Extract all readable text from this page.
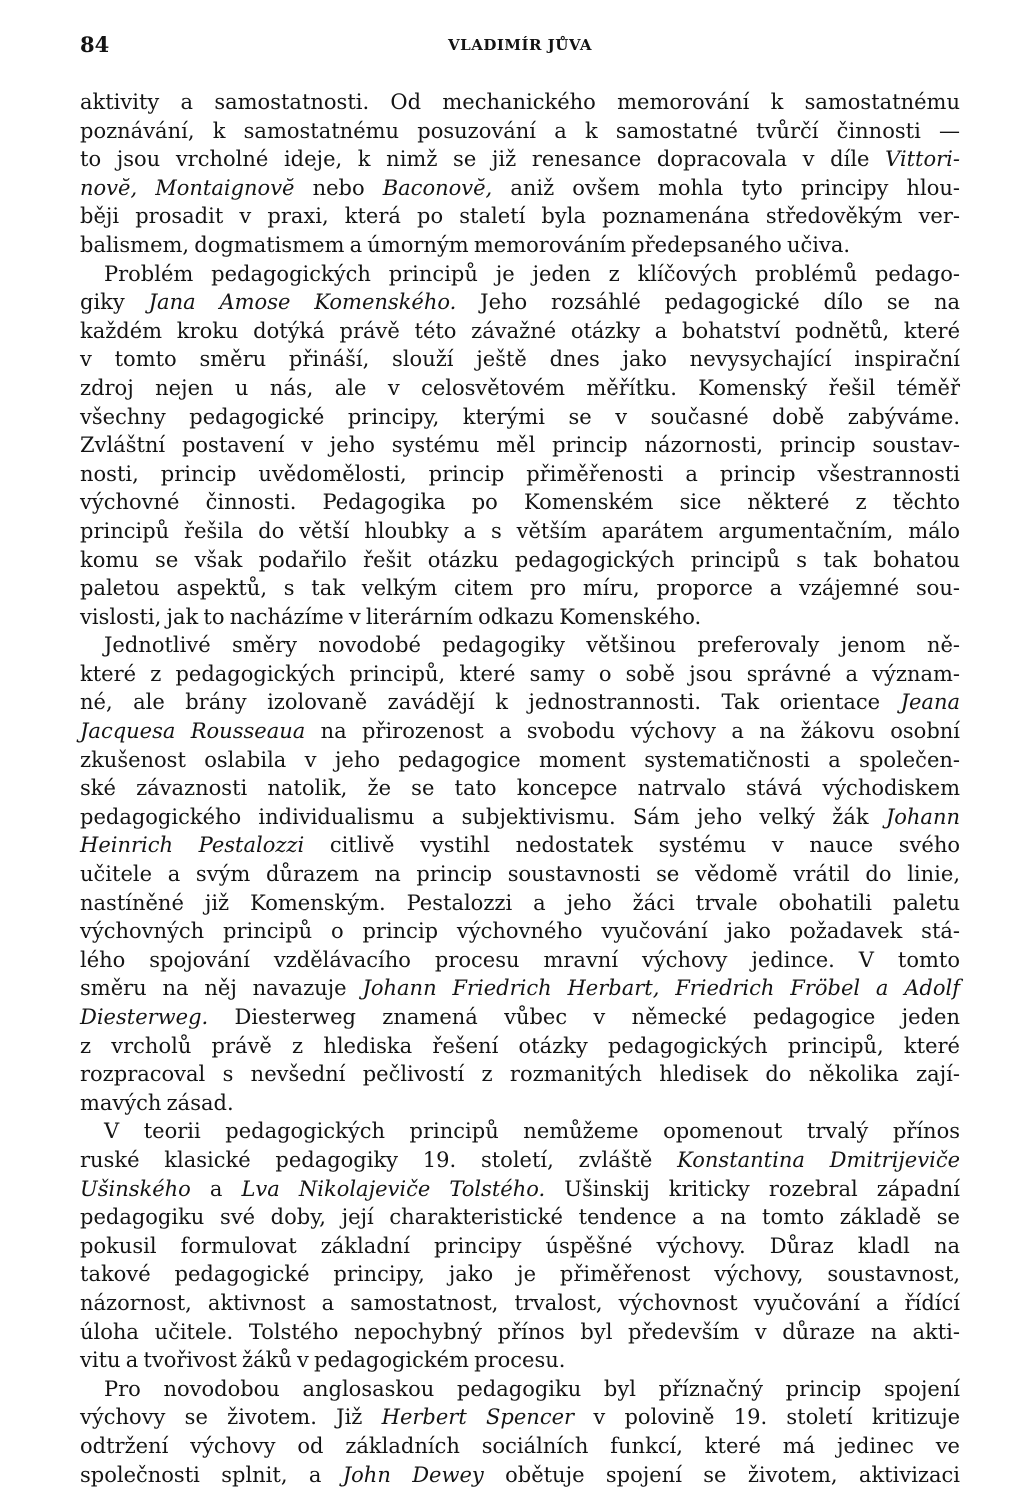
84	VLADIMÍR JŮVA
aktivity a samostatnosti. Od mechanického memorování k samostatnému
poznávání, k samostatnému posuzování a k samostatné tvůrčí činnosti —
to jsou vrcholné ideje, k nimž se již renesance dopracovala v díle Vittori-
novĕ, Montaignovĕ nebo Baconovĕ, aniž ovšem mohla tyto principy hlou-
běji prosadit v praxi, která po staletí byla poznamenána středověkým ver-
balismem, dogmatismem a úmorným memorováním předepsaného učiva.
Problém pedagogických principů je jeden z klíčových problémů pedago-
giky Jana Amose Komenského. Jeho rozsáhlé pedagogické dílo se na
každém kroku dotýká právě této závažné otázky a bohatství podnětů, které
v tomto směru přináší, slouží ještě dnes jako nevysychající inspirační
zdroj nejen u nás, ale v celosvětovém měřítku. Komenský řešil téměř
všechny pedagogické principy, kterými se v současné době zabýváme.
Zvláštní postavení v jeho systému měl princip názornosti, princip soustav-
nosti, princip uvědomělosti, princip přiměřenosti a princip všestrannosti
výchovné činnosti. Pedagogika po Komenském sice některé z těchto
principů řešila do větší hloubky a s větším aparátem argumentačním, málo
komu se však podařilo řešit otázku pedagogických principů s tak bohatou
paletou aspektů, s tak velkým citem pro míru, proporce a vzájemné sou-
vislosti, jak to nacházíme v literárním odkazu Komenského.
Jednotlivé směry novodobé pedagogiky většinou preferovaly jenom ně-
které z pedagogických principů, které samy o sobě jsou správné a význam-
né, ale brány izolovaně zavádějí k jednostrannosti. Tak orientace Jeana
Jacquesa Rousseaua na přirozenost a svobodu výchovy a na žákovu osobní
zkušenost oslabila v jeho pedagogice moment systematičnosti a společen-
ské závaznosti natolik, že se tato koncepce natrvalo stává východiskem
pedagogického individualismu a subjektivismu. Sám jeho velký žák Johann
Heinrich Pestalozzi citlivě vystihl nedostatek systému v nauce svého
učitele a svým důrazem na princip soustavnosti se vědomě vrátil do linie,
nastíněné již Komenským. Pestalozzi a jeho žáci trvale obohatili paletu
výchovných principů o princip výchovného vyučování jako požadavek stá-
lého spojování vzdělávacího procesu mravní výchovy jedince. V tomto
směru na něj navazuje Johann Friedrich Herbart, Friedrich Fröbel a Adolf
Diesterweg. Diesterweg znamená vůbec v německé pedagogice jeden
z vrcholů právě z hlediska řešení otázky pedagogických principů, které
rozpracoval s nevšední pečlivostí z rozmanitých hledisek do několika zají-
mavých zásad.
V teorii pedagogických principů nemůžeme opomenout trvalý přínos
ruské klasické pedagogiky 19. století, zvláště Konstantina Dmitrijeviče
Ušinského a Lva Nikolajeviče Tolstého. Ušinskij kriticky rozebral západní
pedagogiku své doby, její charakteristické tendence a na tomto základě se
pokusil formulovat základní principy úspěšné výchovy. Důraz kladl na
takové pedagogické principy, jako je přiměřenost výchovy, soustavnost,
názornost, aktivnost a samostatnost, trvalost, výchovnost vyučování a řídící
úloha učitele. Tolstého nepochybný přínos byl především v důraze na akti-
vitu a tvořivost žáků v pedagogickém procesu.
Pro novodobou anglosaskou pedagogiku byl příznačný princip spojení
výchovy se životem. Již Herbert Spencer v polovině 19. století kritizuje
odtržení výchovy od základních sociálních funkcí, které má jedinec ve
společnosti splnit, a John Dewey obětuje spojení se životem, aktivizaci
